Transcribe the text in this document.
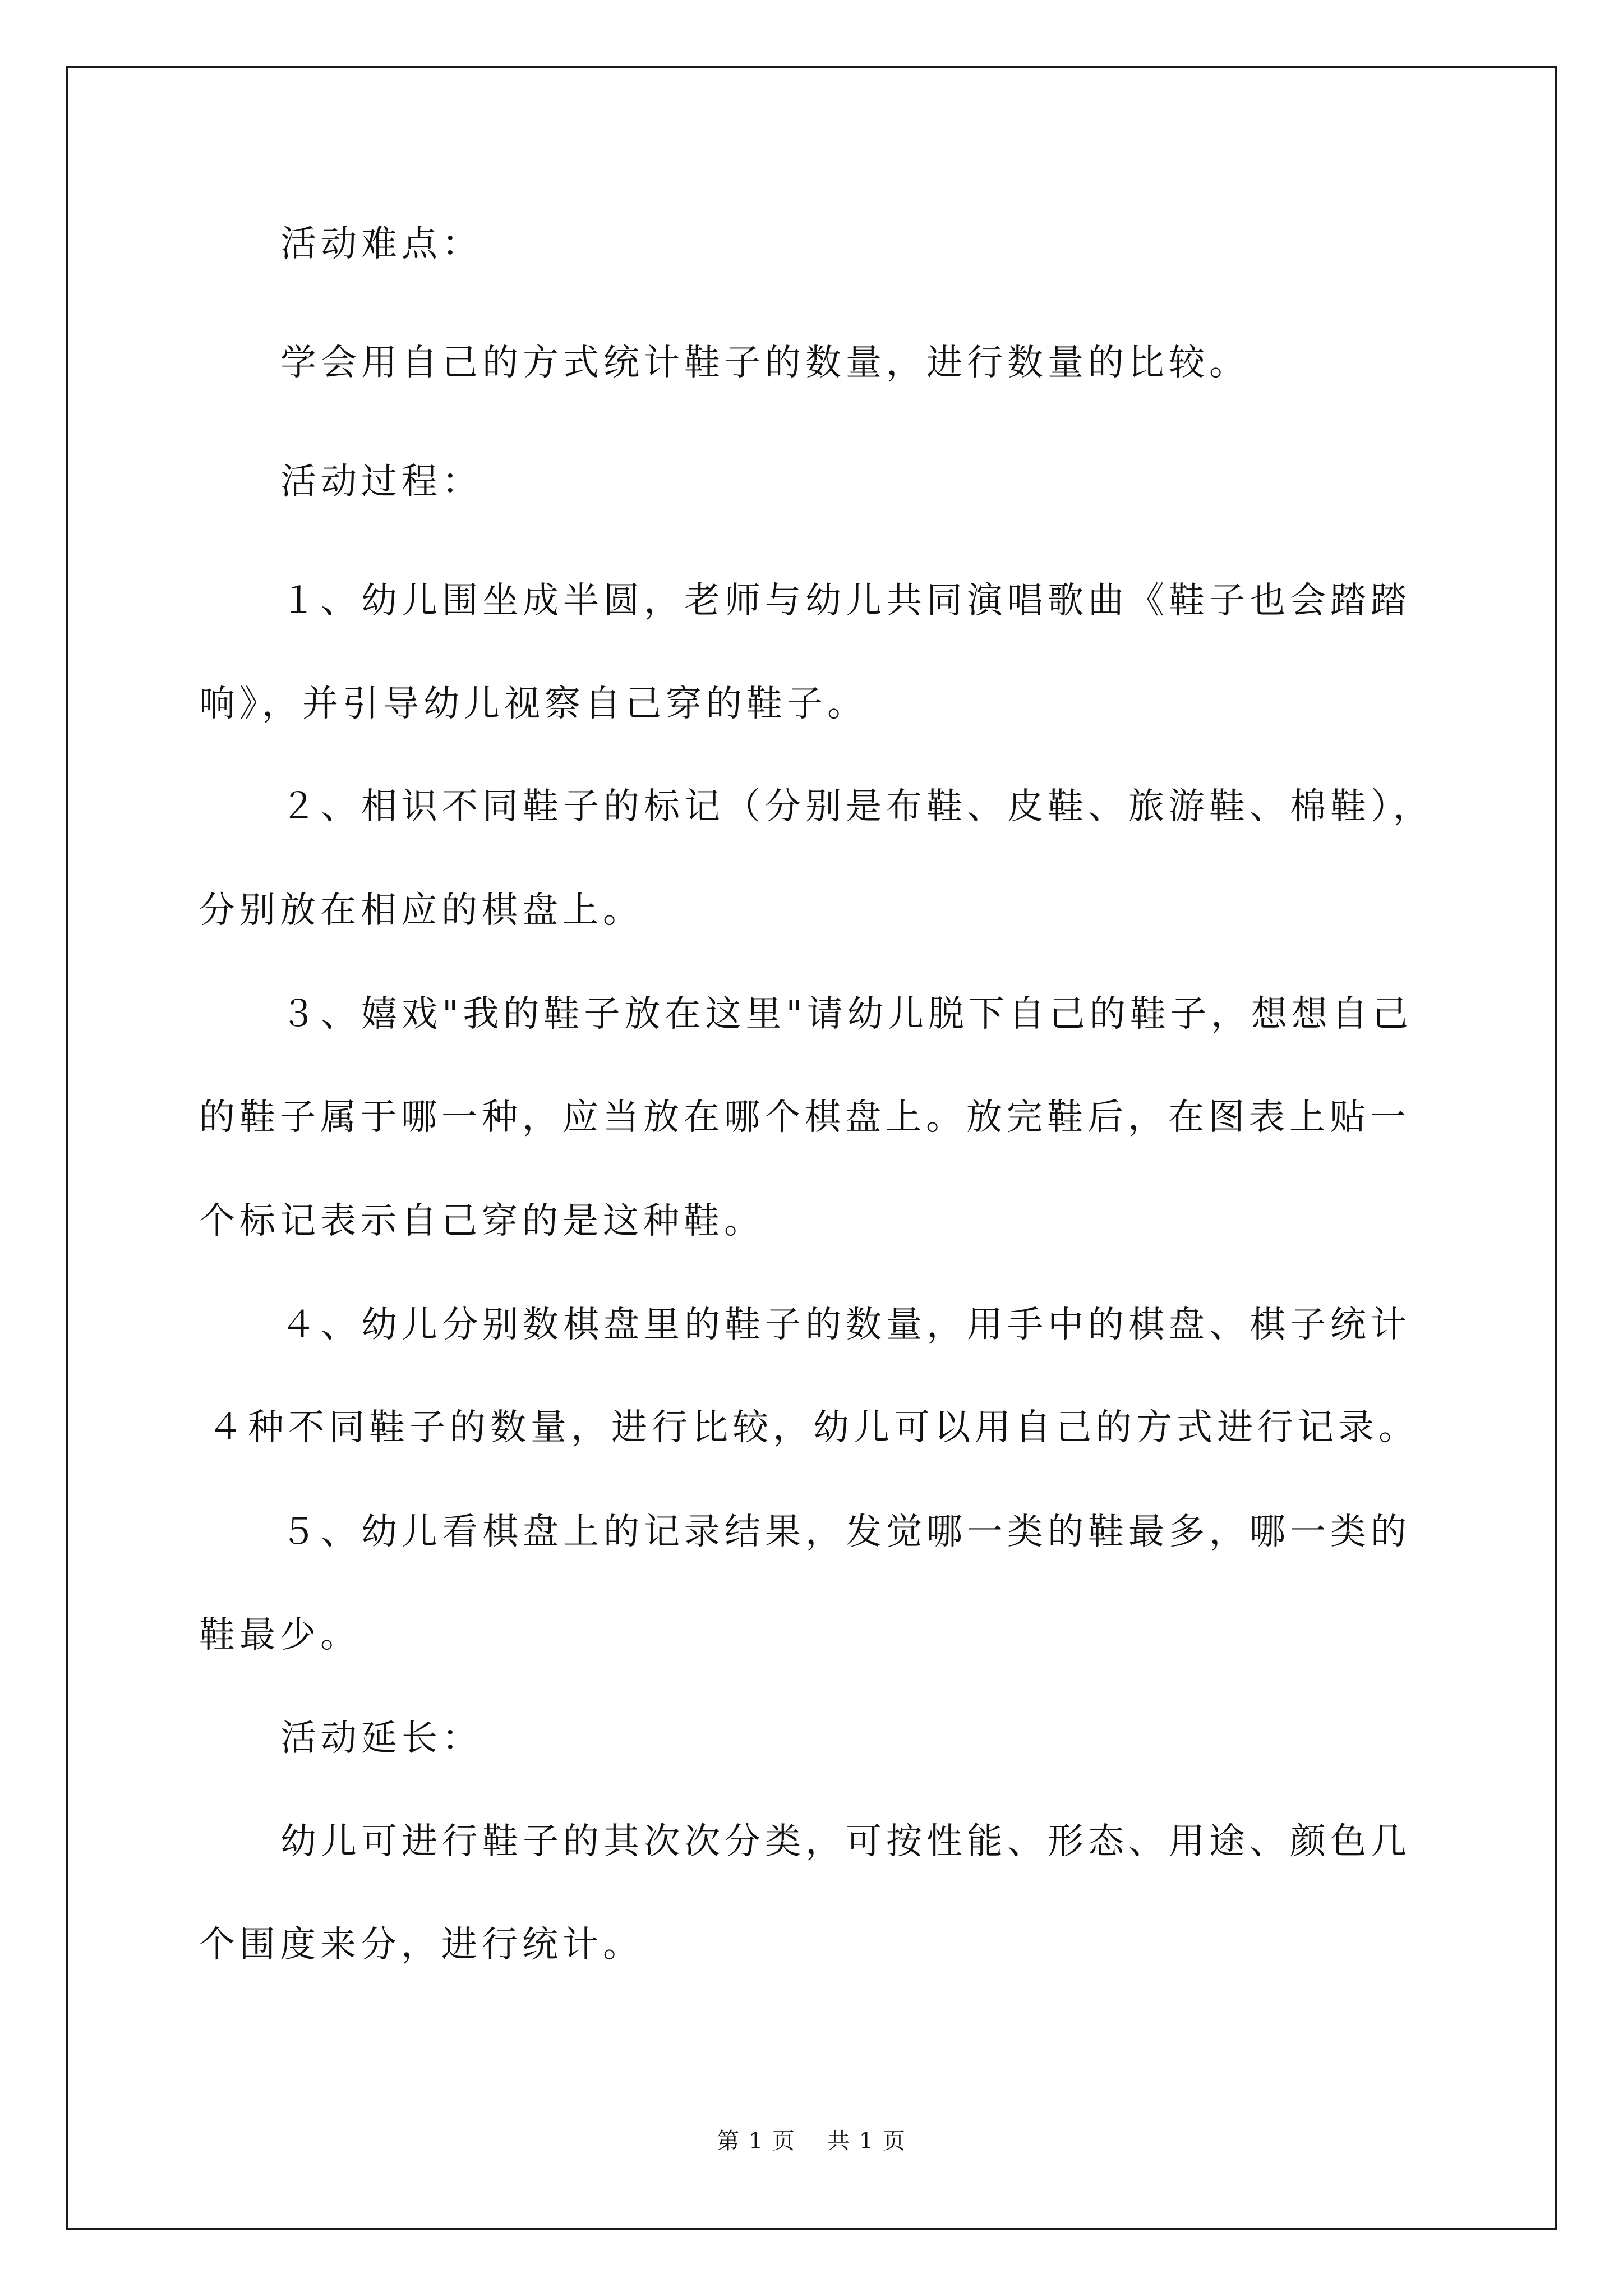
活动难点：
学会用自己的方式统计鞋子的数量，进行数量的比较。
活动过程：
１、幼儿围坐成半圆，老师与幼儿共同演唱歌曲《鞋子也会踏踏
响》，并引导幼儿视察自己穿的鞋子。
２、相识不同鞋子的标记（分别是布鞋、皮鞋、旅游鞋、棉鞋），
分别放在相应的棋盘上。
３、嬉戏"我的鞋子放在这里"请幼儿脱下自己的鞋子，想想自己
的鞋子属于哪一种，应当放在哪个棋盘上。放完鞋后，在图表上贴一
个标记表示自己穿的是这种鞋。
４、幼儿分别数棋盘里的鞋子的数量，用手中的棋盘、棋子统计
４种不同鞋子的数量，进行比较，幼儿可以用自己的方式进行记录。
５、幼儿看棋盘上的记录结果，发觉哪一类的鞋最多，哪一类的
鞋最少。
活动延长：
幼儿可进行鞋子的其次次分类，可按性能、形态、用途、颜色几
个围度来分，进行统计。
第 1 页 共 1 页
